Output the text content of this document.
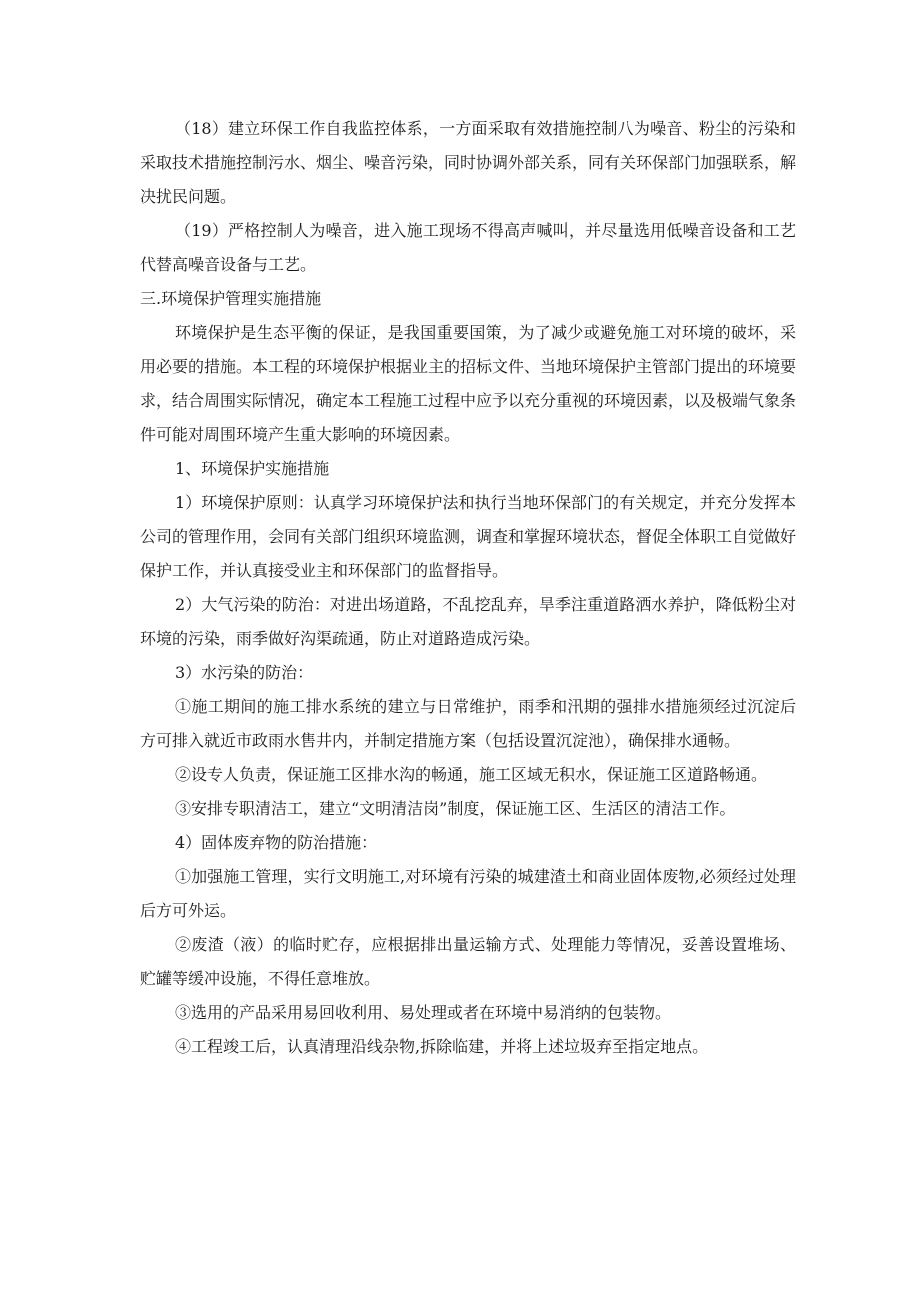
（18）建立环保工作自我监控体系，一方面采取有效措施控制八为噪音、粉尘的污染和采取技术措施控制污水、烟尘、噪音污染，同时协调外部关系，同有关环保部门加强联系，解决扰民问题。

（19）严格控制人为噪音，进入施工现场不得高声喊叫，并尽量选用低噪音设备和工艺代替高噪音设备与工艺。

三.环境保护管理实施措施

环境保护是生态平衡的保证，是我国重要国策，为了减少或避免施工对环境的破坏，采用必要的措施。本工程的环境保护根据业主的招标文件、当地环境保护主管部门提出的环境要求，结合周围实际情况，确定本工程施工过程中应予以充分重视的环境因素，以及极端气象条件可能对周围环境产生重大影响的环境因素。

1、环境保护实施措施

1）环境保护原则：认真学习环境保护法和执行当地环保部门的有关规定，并充分发挥本公司的管理作用，会同有关部门组织环境监测，调查和掌握环境状态，督促全体职工自觉做好保护工作，并认真接受业主和环保部门的监督指导。

2）大气污染的防治：对进出场道路，不乱挖乱弃，旱季注重道路洒水养护，降低粉尘对环境的污染，雨季做好沟渠疏通，防止对道路造成污染。

3）水污染的防治：

①施工期间的施工排水系统的建立与日常维护，雨季和汛期的强排水措施须经过沉淀后方可排入就近市政雨水售井内，并制定措施方案（包括设置沉淀池），确保排水通畅。

②设专人负责，保证施工区排水沟的畅通，施工区域无积水，保证施工区道路畅通。

③安排专职清洁工，建立“文明清洁岗”制度，保证施工区、生活区的清洁工作。

4）固体废弃物的防治措施：

①加强施工管理，实行文明施工,对环境有污染的城建渣土和商业固体废物,必须经过处理后方可外运。

②废渣（液）的临时贮存，应根据排出量运输方式、处理能力等情况，妥善设置堆场、贮罐等缓冲设施，不得任意堆放。

③选用的产品采用易回收利用、易处理或者在环境中易消纳的包装物。

④工程竣工后，认真清理沿线杂物,拆除临建，并将上述垃圾弃至指定地点。
